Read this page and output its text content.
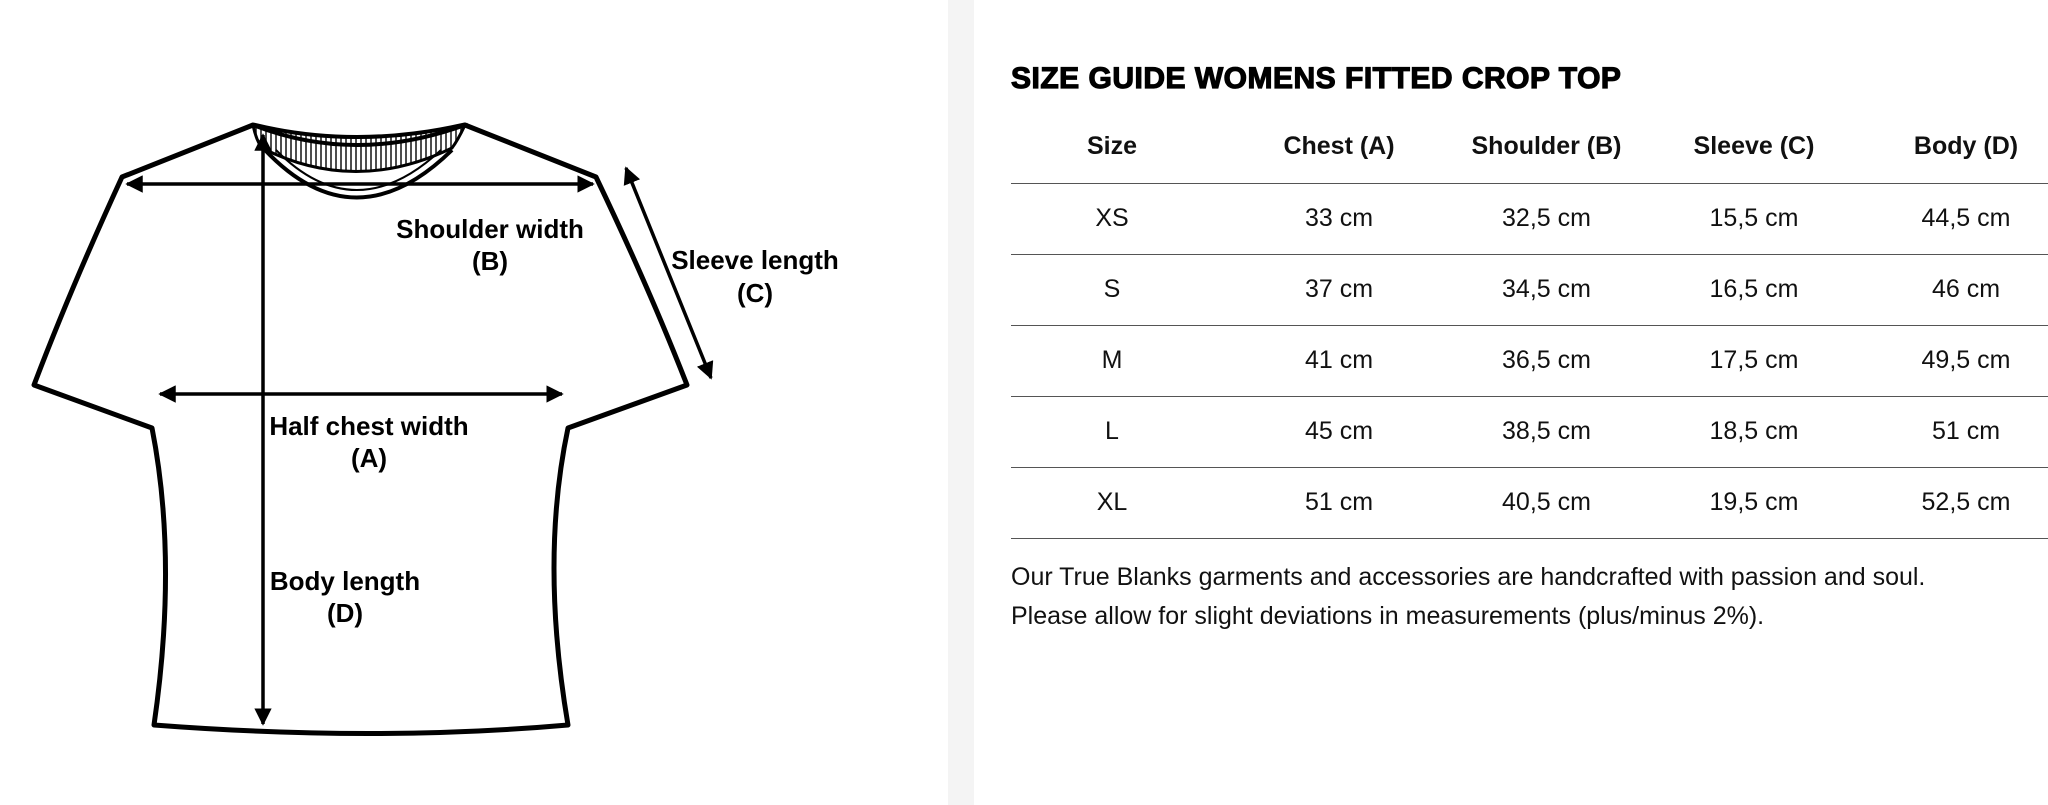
Shoulder width
(B)	Sleeve length
(C)
Half chest width
(A)
Body length
(D)
SIZE GUIDE WOMENS FITTED CROP TOP
Size	Chest (A)	Shoulder (B)	Sleeve (C)	Body (D)
XS	33 cm	32,5 cm	15,5 cm	44,5 cm
S	37 cm	34,5 cm	16,5 cm	46 cm
M	41 cm	36,5 cm	17,5 cm	49,5 cm
L	45 cm	38,5 cm	18,5 cm	51 cm
XL	51 cm	40,5 cm	19,5 cm	52,5 cm
Our True Blanks garments and accessories are handcrafted with passion and soul.
Please allow for slight deviations in measurements (plus/minus 2%).
